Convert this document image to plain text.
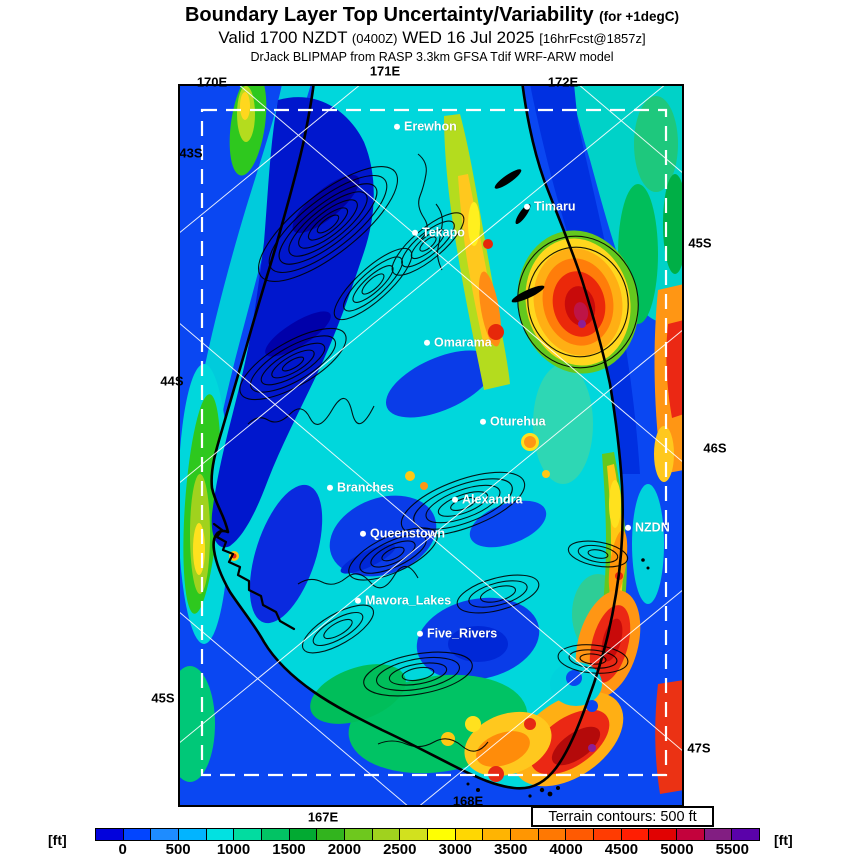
Boundary Layer Top Uncertainty/Variability (for +1degC)
Valid 1700 NZDT (0400Z) WED 16 Jul 2025 [16hrFcst@1857z]
DrJack BLIPMAP from RASP 3.3km GFSA Tdif WRF-ARW model
Erewhon
Timaru
Tekapo
Omarama
Oturehua
Branches
Alexandra
Queenstown	NZDN
Mavora_Lakes
Five_Rivers
170E
171E
172E
167E
168E
43S
44S
45S
45S
46S
47S
Terrain contours: 500 ft
0	500 1000 1500 2000 2500 3000 3500 4000 4500 5000 5500
[ft]	[ft]
